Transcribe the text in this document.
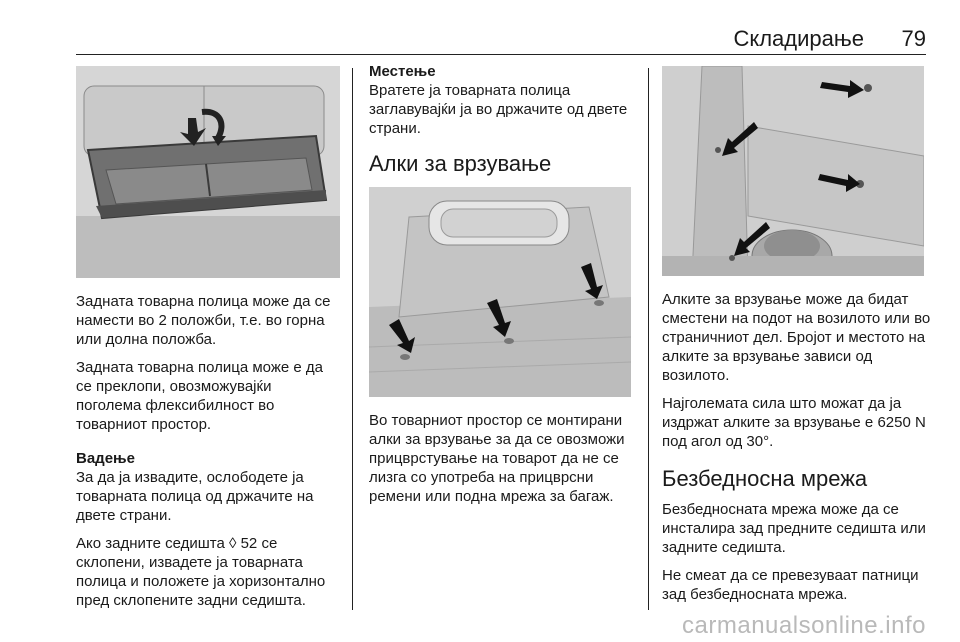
Складирање 79

Задната товарна полица може да се намести во 2 положби, т.е. во горна или долна положба.

Задната товарна полица може е да се преклопи, овозможувајќи поголема флексибилност во товарниот простор.

Вадење

За да ја извадите, ослободете ја товарната полица од држачите на двете страни.

Ако задните седишта ◊ 52 се склопени, извадете ја товарната полица и положете ја хоризонтално пред склопените задни седишта.

Местење

Вратете ја товарната полица заглавувајќи ја во држачите од двете страни.

Алки за врзување

Во товарниот простор се монтирани алки за врзување за да се овозможи прицврстување на товарот да не се лизга со употреба на прицврсни ремени или подна мрежа за багаж.

Алките за врзување може да бидат сместени на подот на возилото или во страничниот дел. Бројот и местото на алките за врзување зависи од возилото.

Најголемата сила што можат да ја издржат алките за врзување е 6250 N под агол од 30°.

Безбедносна мрежа

Безбедносната мрежа може да се инсталира зад предните седишта или задните седишта.

Не смеат да се превезуваат патници зад безбедносната мрежа.

carmanualsonline.info
